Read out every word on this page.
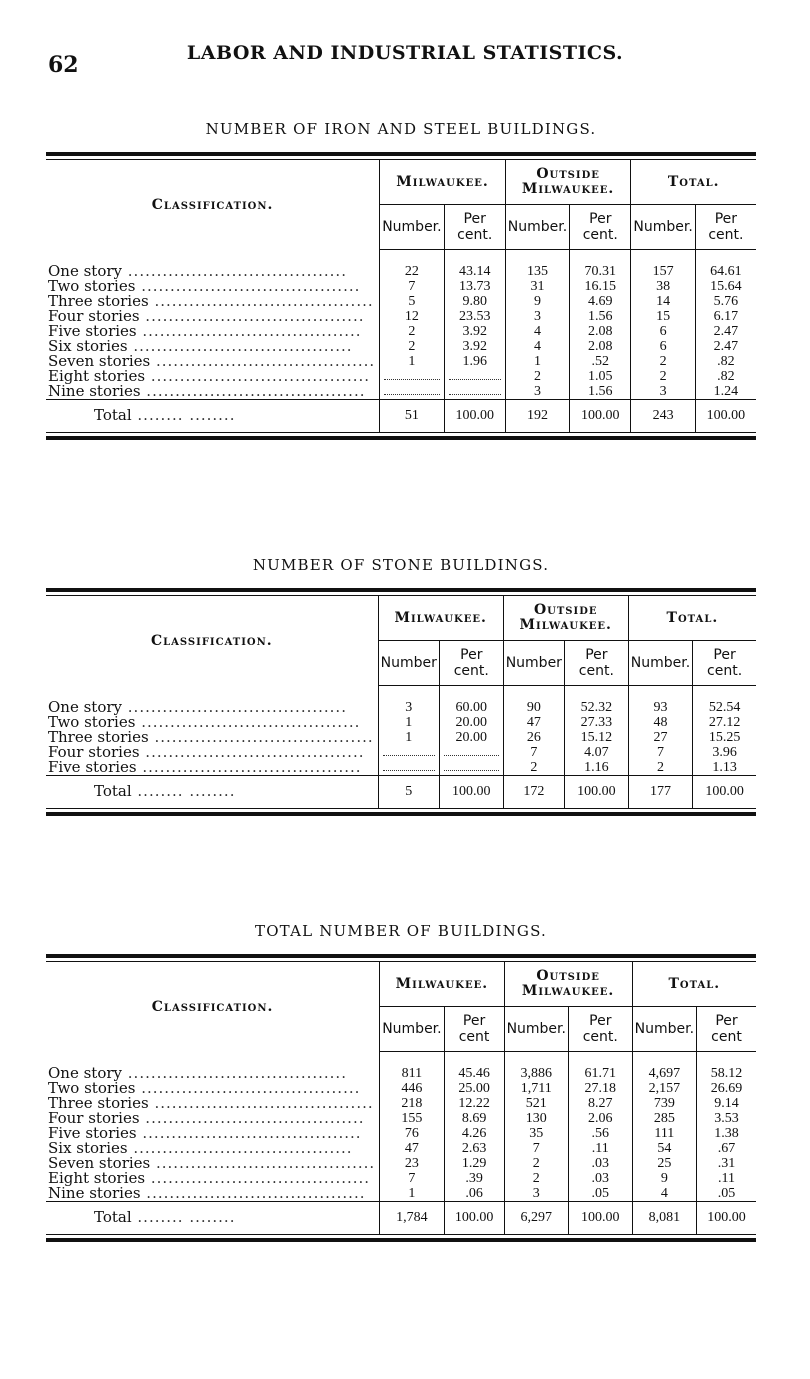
62	LABOR AND INDUSTRIAL STATISTICS.
NUMBER OF IRON AND STEEL BUILDINGS.
Classification.	Milwaukee.		Outside
Milwaukee.		Total.	
	Number.	Per cent.	Number.	Per cent.	Number.	Per cent.
One story ......................................	22	43.14	135	70.31	157	64.61
Two stories ......................................	7	13.73	31	16.15	38	15.64
Three stories ......................................	5	9.80	9	4.69	14	5.76
Four stories ......................................	12	23.53	3	1.56	15	6.17
Five stories ......................................	2	3.92	4	2.08	6	2.47
Six stories ......................................	2	3.92	4	2.08	6	2.47
Seven stories ......................................	1	1.96	1	.52	2	.82
Eight stories ......................................			2	1.05	2	.82
Nine stories ......................................			3	1.56	3	1.24
Total ........ ........	51	100.00	192	100.00	243	100.00
NUMBER OF STONE BUILDINGS.
Classification.	Milwaukee.		Outside
Milwaukee.		Total.	
	Number	Per cent.	Number	Per cent.	Number.	Per cent.
One story ......................................	3	60.00	90	52.32	93	52.54
Two stories ......................................	1	20.00	47	27.33	48	27.12
Three stories ......................................	1	20.00	26	15.12	27	15.25
Four stories ......................................			7	4.07	7	3.96
Five stories ......................................			2	1.16	2	1.13
Total ........ ........	5	100.00	172	100.00	177	100.00
TOTAL NUMBER OF BUILDINGS.
Classification.	Milwaukee.		Outside
Milwaukee.		Total.	
	Number.	Per cent	Number.	Per cent.	Number.	Per cent
One story ......................................	811	45.46	3,886	61.71	4,697	58.12
Two stories ......................................	446	25.00	1,711	27.18	2,157	26.69
Three stories ......................................	218	12.22	521	8.27	739	9.14
Four stories ......................................	155	8.69	130	2.06	285	3.53
Five stories ......................................	76	4.26	35	.56	111	1.38
Six stories ......................................	47	2.63	7	.11	54	.67
Seven stories ......................................	23	1.29	2	.03	25	.31
Eight stories ......................................	7	.39	2	.03	9	.11
Nine stories ......................................	1	.06	3	.05	4	.05
Total ........ ........	1,784	100.00	6,297	100.00	8,081	100.00
